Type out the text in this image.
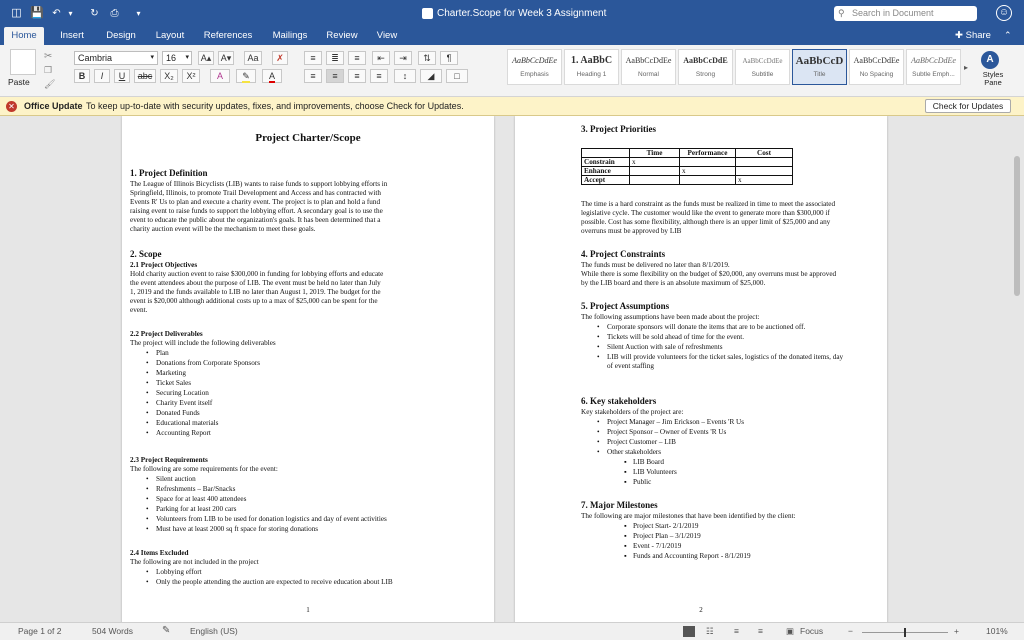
◫ 💾 ↶ ▾	↻ ⎙	▾	Charter.Scope for Week 3 Assignment	⚲ Search in Document	☺
Home	Insert	Design	Layout	References	Mailings	Review	View	✚ Share ⌃
Paste
✂
❐
🖌
Cambria	▾	16 ▾	A▴	A▾	Aa	✗
B	I	U	abc	X₂	X²	A	✎	A
≡	≣	≡	⇤	⇥	⇅	¶
≡	≡	≡	≡	↕	◢	□
AaBbCcDdEe
Emphasis
1. AaBbC
Heading 1
AaBbCcDdEe
Normal
AaBbCcDdE
Strong
AaBbCcDdEe
Subtitle
AaBbCcD
Title
AaBbCcDdEe
No Spacing
AaBbCcDdEe
Subtle Emph...
▸
A
Styles Pane
✕ Office Update To keep up-to-date with security updates, fixes, and improvements, choose Check for Updates.	Check for Updates
Project Charter/Scope
1. Project Definition
The League of Illinois Bicyclists (LIB) wants to raise funds to support lobbying efforts in
Springfield, Illinois, to promote Trail Development and Access and has contracted with
Events R' Us to plan and execute a charity event. The project is to plan and hold a fund
raising event to raise funds to support the lobbying effort. A secondary goal is to use the
event to educate the public about the organization's goals. It has been determined that a
charity auction event will be the mechanism to meet these goals.
2. Scope
2.1 Project Objectives
Hold charity auction event to raise $300,000 in funding for lobbying efforts and educate
the event attendees about the purpose of LIB. The event must be held no later than July
1, 2019 and the funds available to LIB no later than August 1, 2019. The budget for the
event is $20,000 although additional costs up to a max of $25,000 can be spent for the
event.
2.2 Project Deliverables
The project will include the following deliverables
• Plan
• Donations from Corporate Sponsors
• Marketing
• Ticket Sales
• Securing Location
• Charity Event itself
• Donated Funds
• Educational materials
• Accounting Report
2.3 Project Requirements
The following are some requirements for the event:
• Silent auction
• Refreshments – Bar/Snacks
• Space for at least 400 attendees
• Parking for at least 200 cars
• Volunteers from LIB to be used for donation logistics and day of event activities
• Must have at least 2000 sq ft space for storing donations
2.4 Items Excluded
The following are not included in the project
• Lobbying effort
• Only the people attending the auction are expected to receive education about LIB
1
3. Project Priorities
	Time	Performance	Cost
Constrain	x		
Enhance		x	
Accept			x
The time is a hard constraint as the funds must be realized in time to meet the associated
legislative cycle. The customer would like the event to generate more than $300,000 if
possible. Cost has some flexibility, although there is an upper limit of $25,000 and any
overruns must be approved by LIB
4. Project Constraints
The funds must be delivered no later than 8/1/2019.
While there is some flexibility on the budget of $20,000, any overruns must be approved
by the LIB board and there is an absolute maximum of $25,000.
5. Project Assumptions
The following assumptions have been made about the project:
• Corporate sponsors will donate the items that are to be auctioned off.
• Tickets will be sold ahead of time for the event.
• Silent Auction with sale of refreshments
• LIB will provide volunteers for the ticket sales, logistics of the donated items, day
of event staffing
6. Key stakeholders
Key stakeholders of the project are:
• Project Manager – Jim Erickson – Events 'R Us
• Project Sponsor – Owner of Events 'R Us
• Project Customer – LIB
• Other stakeholders
▪ LIB Board
▪ LIB Volunteers
▪ Public
7. Major Milestones
The following are major milestones that have been identified by the client:
▪ Project Start- 2/1/2019
▪ Project Plan – 3/1/2019
▪ Event - 7/1/2019
▪ Funds and Accounting Report - 8/1/2019
2
Page 1 of 2	504 Words	✎ English (US)	☷ ≡ ≡	▣ Focus	−	+	101%
